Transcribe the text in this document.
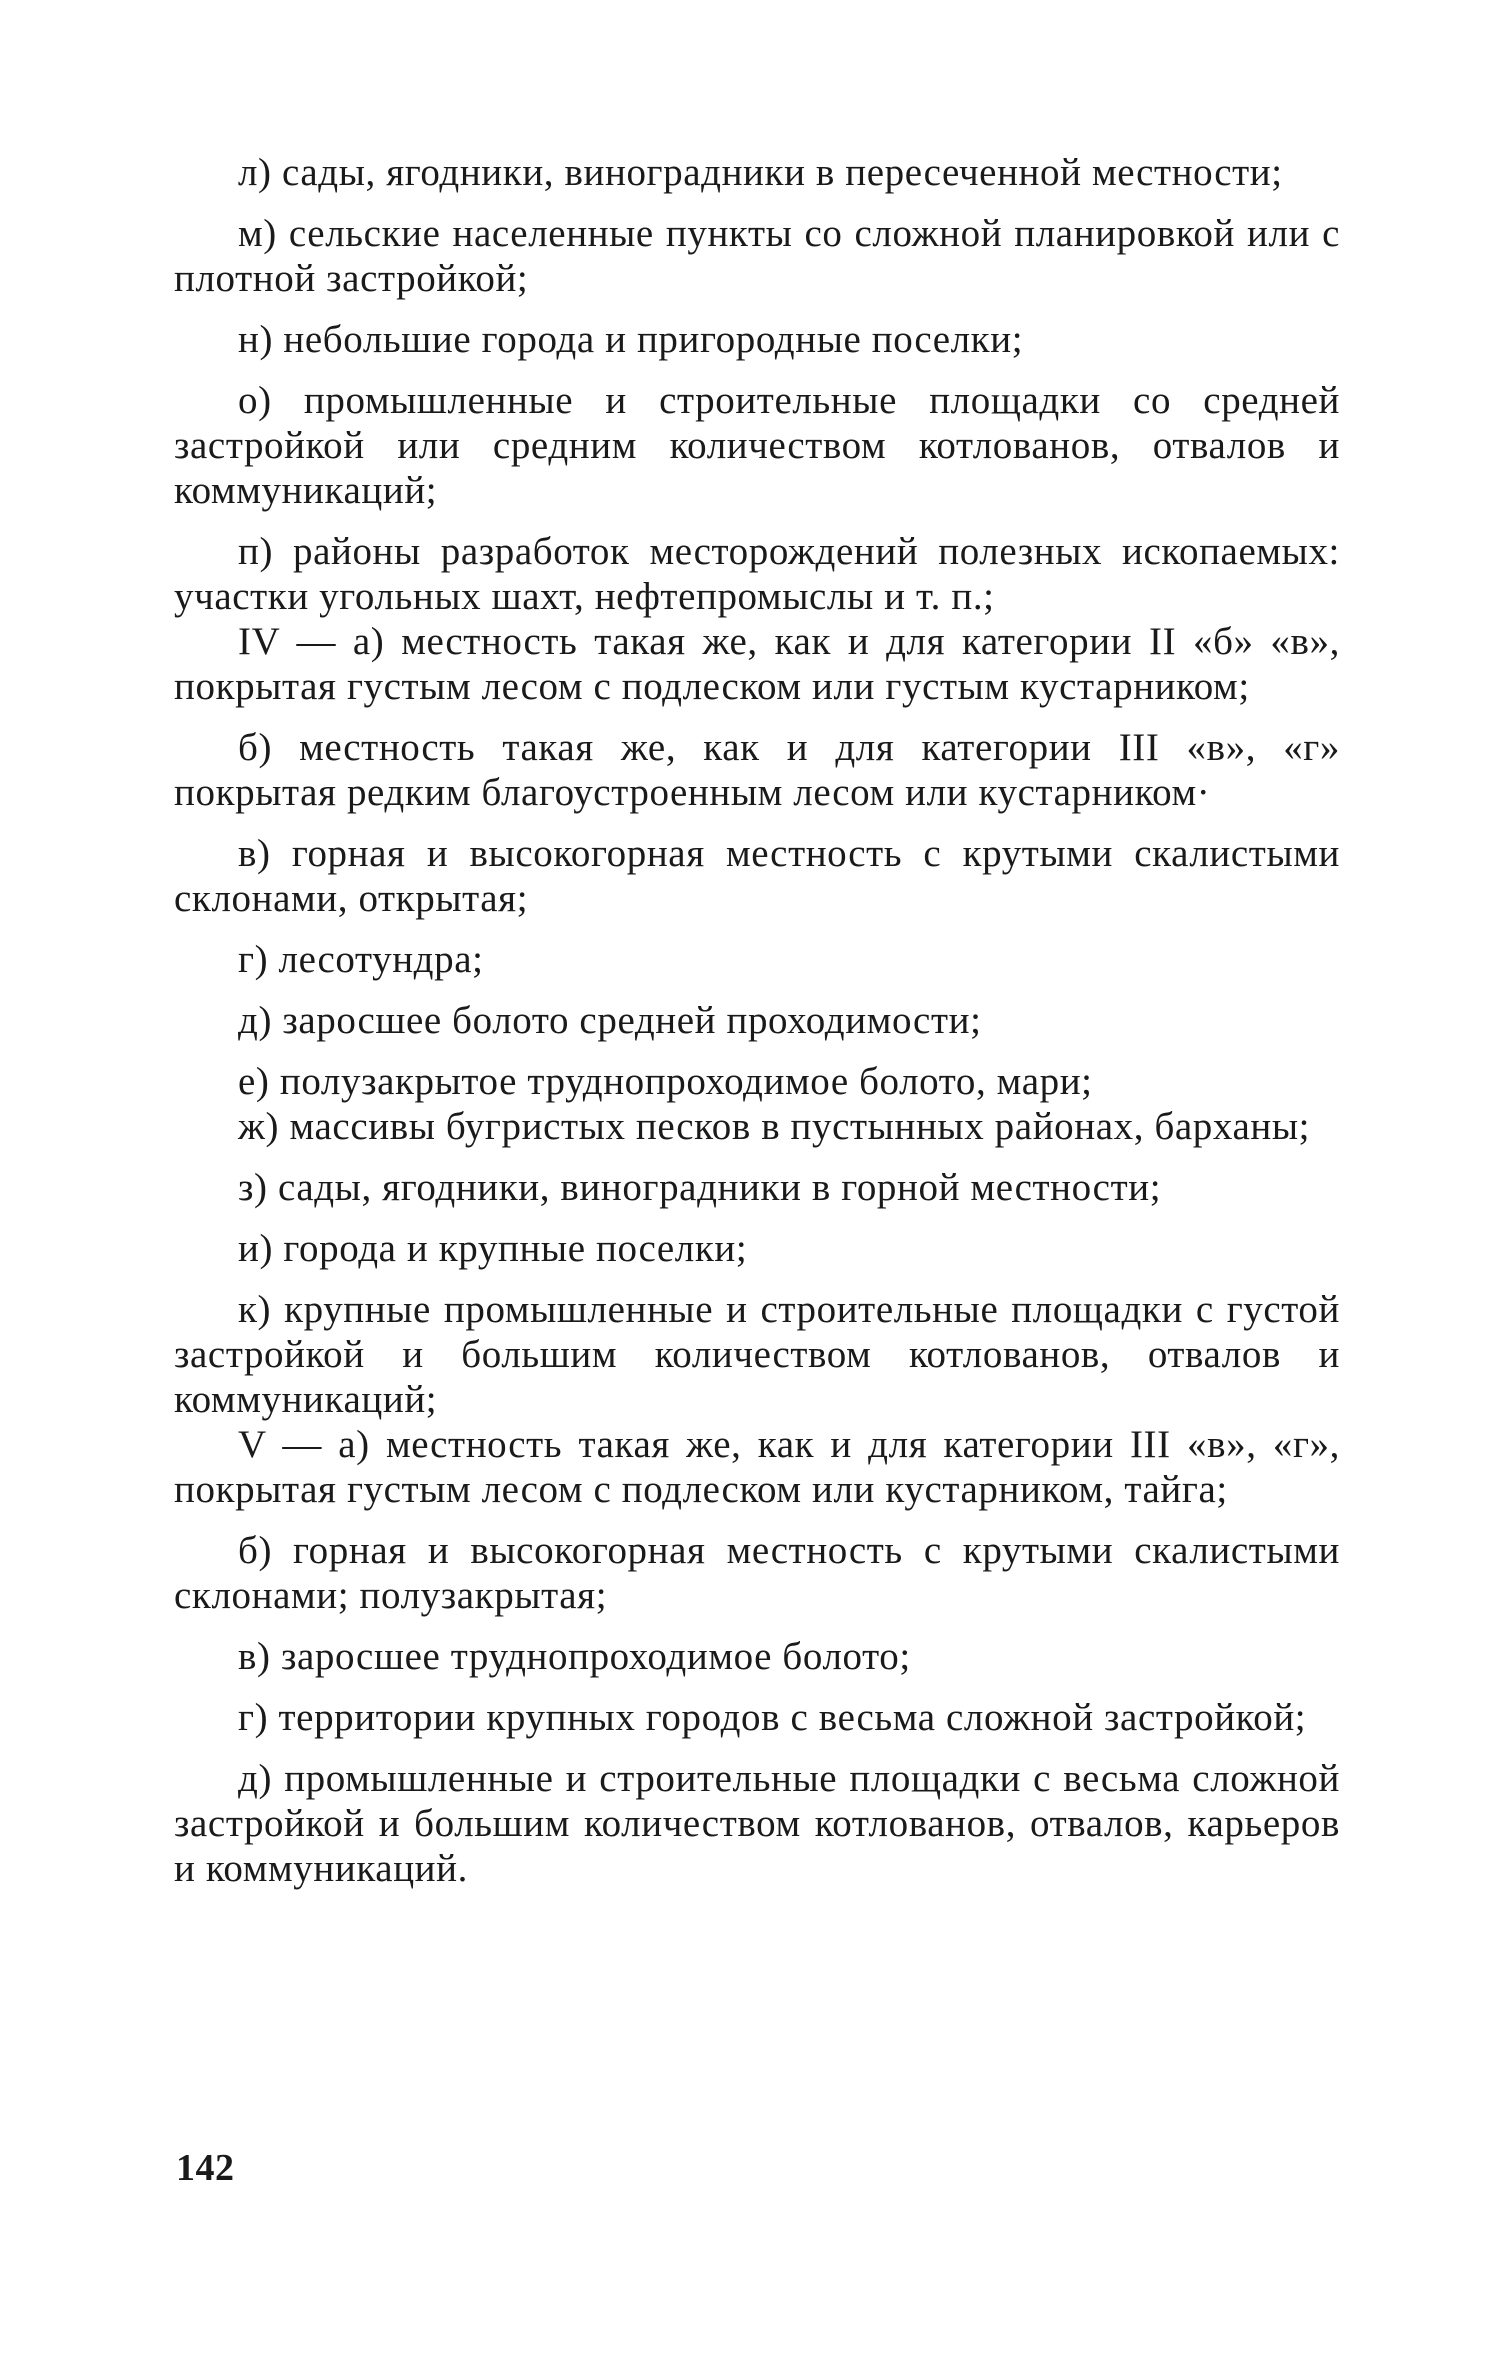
л) сады, ягодники, виноградники в пересеченной местности;

м) сельские населенные пункты со сложной планировкой или с плотной застройкой;

н) небольшие города и пригородные поселки;

о) промышленные и строительные площадки со средней застройкой или средним количеством котлованов, отвалов и коммуникаций;

п) районы разработок месторождений полезных ископаемых: участки угольных шахт, нефтепромыслы и т. п.;

IV — а) местность такая же, как и для категории II «б» «в», покрытая густым лесом с подлеском или густым кустарником;

б) местность такая же, как и для категории III «в», «г» покрытая редким благоустроенным лесом или кустарником·

в) горная и высокогорная местность с крутыми скалистыми склонами, открытая;

г) лесотундра;

д) заросшее болото средней проходимости;

е) полузакрытое труднопроходимое болото, мари;

ж) массивы бугристых песков в пустынных районах, барханы;

з) сады, ягодники, виноградники в горной местности;

и) города и крупные поселки;

к) крупные промышленные и строительные площадки с густой застройкой и большим количеством котлованов, отвалов и коммуникаций;

V — а) местность такая же, как и для категории III «в», «г», покрытая густым лесом с подлеском или кустарником, тайга;

б) горная и высокогорная местность с крутыми скалистыми склонами; полузакрытая;

в) заросшее труднопроходимое болото;

г) территории крупных городов с весьма сложной застройкой;

д) промышленные и строительные площадки с весьма сложной застройкой и большим количеством котлованов, отвалов, карьеров и коммуникаций.

142
